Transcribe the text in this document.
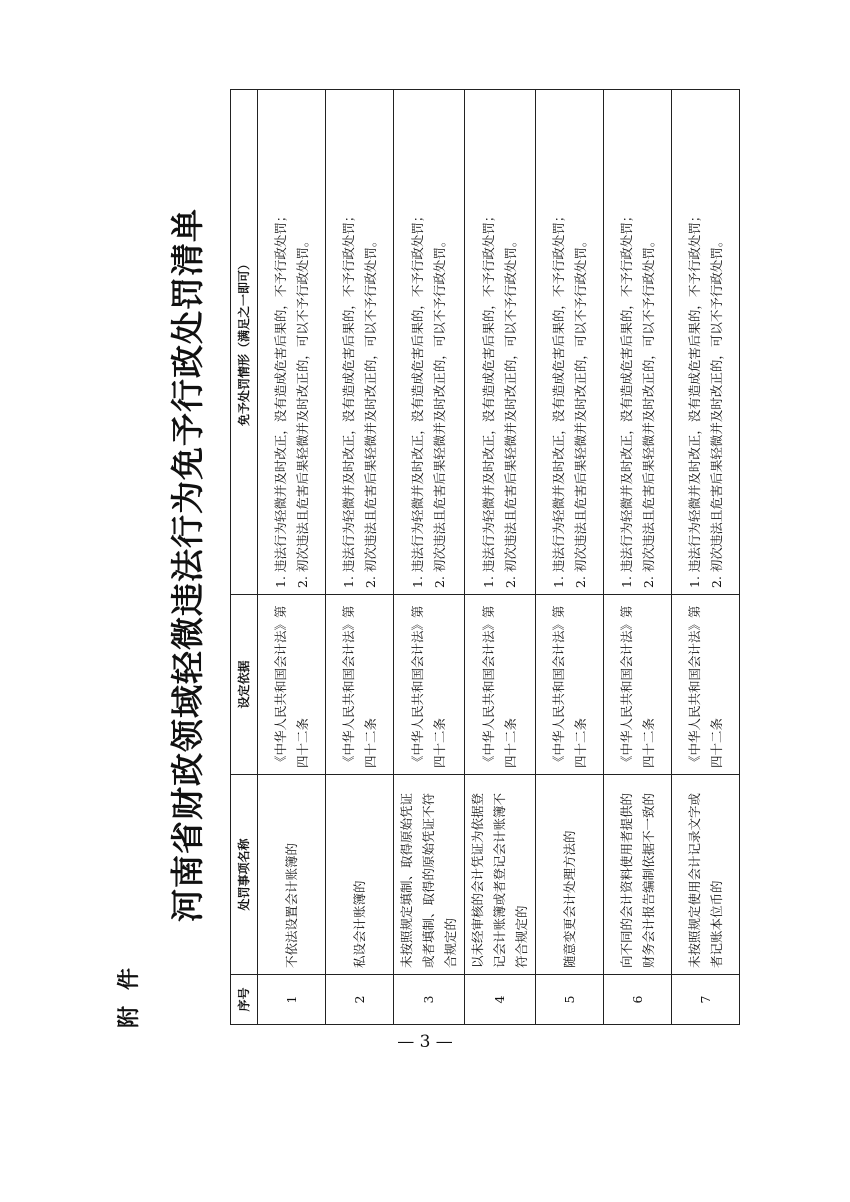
附件
河南省财政领域轻微违法行为免予行政处罚清单
序号	处罚事项名称	设定依据	免予处罚情形（满足之一即可）
1	不依法设置会计账簿的	《中华人民共和国会计法》第四十二条	1. 违法行为轻微并及时改正，没有造成危害后果的，不予行政处罚； 2. 初次违法且危害后果轻微并及时改正的，可以不予行政处罚。

2	私设会计账簿的	《中华人民共和国会计法》第四十二条	1. 违法行为轻微并及时改正，没有造成危害后果的，不予行政处罚； 2. 初次违法且危害后果轻微并及时改正的，可以不予行政处罚。

3	未按照规定填制、取得原始凭证或者填制、取得的原始凭证不符合规定的	《中华人民共和国会计法》第四十二条	1. 违法行为轻微并及时改正，没有造成危害后果的，不予行政处罚； 2. 初次违法且危害后果轻微并及时改正的，可以不予行政处罚。

4	以未经审核的会计凭证为依据登记会计账簿或者登记会计账簿不符合规定的	《中华人民共和国会计法》第四十二条	1. 违法行为轻微并及时改正，没有造成危害后果的，不予行政处罚； 2. 初次违法且危害后果轻微并及时改正的，可以不予行政处罚。

5	随意变更会计处理方法的	《中华人民共和国会计法》第四十二条	1. 违法行为轻微并及时改正，没有造成危害后果的，不予行政处罚； 2. 初次违法且危害后果轻微并及时改正的，可以不予行政处罚。

6	向不同的会计资料使用者提供的财务会计报告编制依据不一致的	《中华人民共和国会计法》第四十二条	1. 违法行为轻微并及时改正，没有造成危害后果的，不予行政处罚； 2. 初次违法且危害后果轻微并及时改正的，可以不予行政处罚。

7	未按照规定使用会计记录文字或者记账本位币的	《中华人民共和国会计法》第四十二条	1. 违法行为轻微并及时改正，没有造成危害后果的，不予行政处罚； 2. 初次违法且危害后果轻微并及时改正的，可以不予行政处罚。
— 3 —
